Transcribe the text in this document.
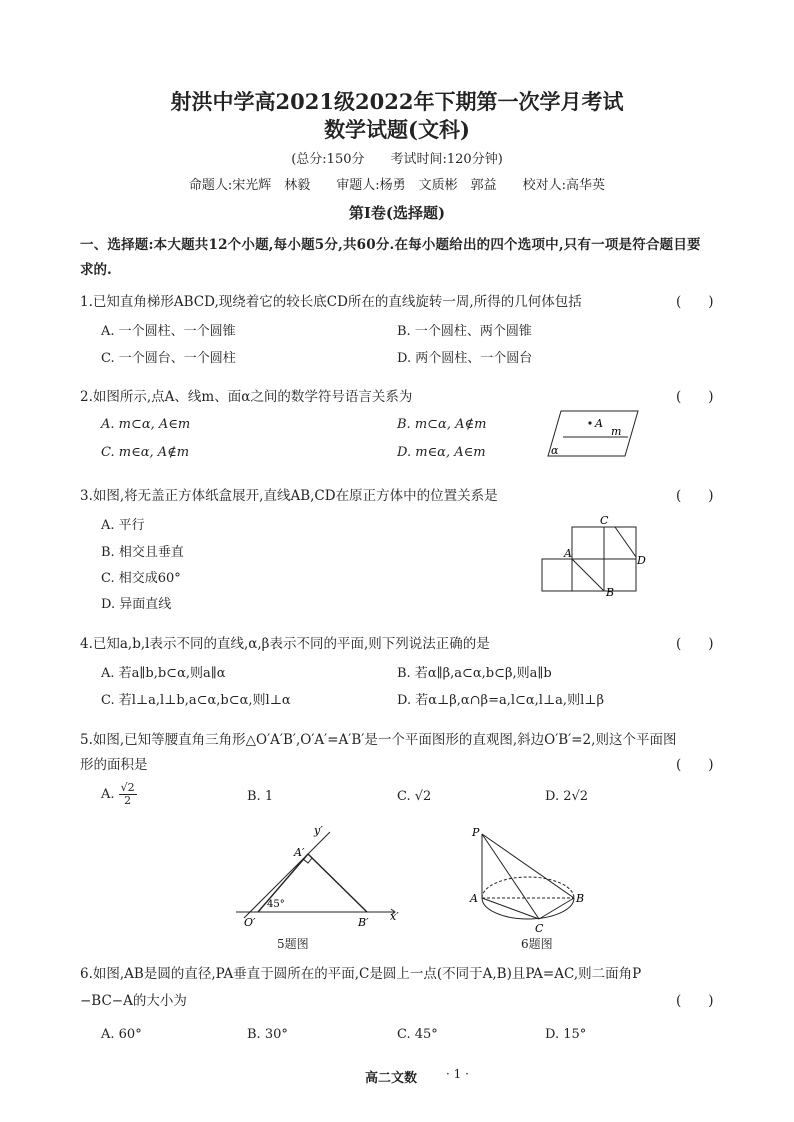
射洪中学高2021级2022年下期第一次学月考试
数学试题(文科)
(总分:150分　　考试时间:120分钟)
命题人:宋光辉　林毅　　审题人:杨勇　文质彬　郭益　　校对人:高华英
第Ⅰ卷(选择题)
一、选择题:本大题共12个小题,每小题5分,共60分.在每小题给出的四个选项中,只有一项是符合题目要
求的.
1.已知直角梯形ABCD,现绕着它的较长底CD所在的直线旋转一周,所得的几何体包括	(　　)
A. 一个圆柱、一个圆锥	B. 一个圆柱、两个圆锥
C. 一个圆台、一个圆柱	D. 两个圆柱、一个圆台
2.如图所示,点A、线m、面α之间的数学符号语言关系为	(　　)
A. m⊂α, A∈m	B. m⊂α, A∉m
C. m∈α, A∉m	D. m∈α, A∈m
A
m
α
3.如图,将无盖正方体纸盒展开,直线AB,CD在原正方体中的位置关系是	(　　)
A. 平行
B. 相交且垂直
C. 相交成60°
D. 异面直线
C
D
A
B
4.已知a,b,l表示不同的直线,α,β表示不同的平面,则下列说法正确的是	(　　)
A. 若a∥b,b⊂α,则a∥α	B. 若α∥β,a⊂α,b⊂β,则a∥b
C. 若l⊥a,l⊥b,a⊂α,b⊂α,则l⊥α	D. 若α⊥β,α∩β=a,l⊂α,l⊥a,则l⊥β
5.如图,已知等腰直角三角形△O′A′B′,O′A′=A′B′是一个平面图形的直观图,斜边O′B′=2,则这个平面图
形的面积是	(　　)
A. $\frac{√2}{2}$	B. 1	C. √2	D. 2√2
y′
A′
45°
O′	B′ x′
5题图
P
A	B
C
6题图
6.如图,AB是圆的直径,PA垂直于圆所在的平面,C是圆上一点(不同于A,B)且PA=AC,则二面角P
−BC−A的大小为	(　　)
A. 60°	B. 30°	C. 45°	D. 15°
高二文数 · 1 ·
